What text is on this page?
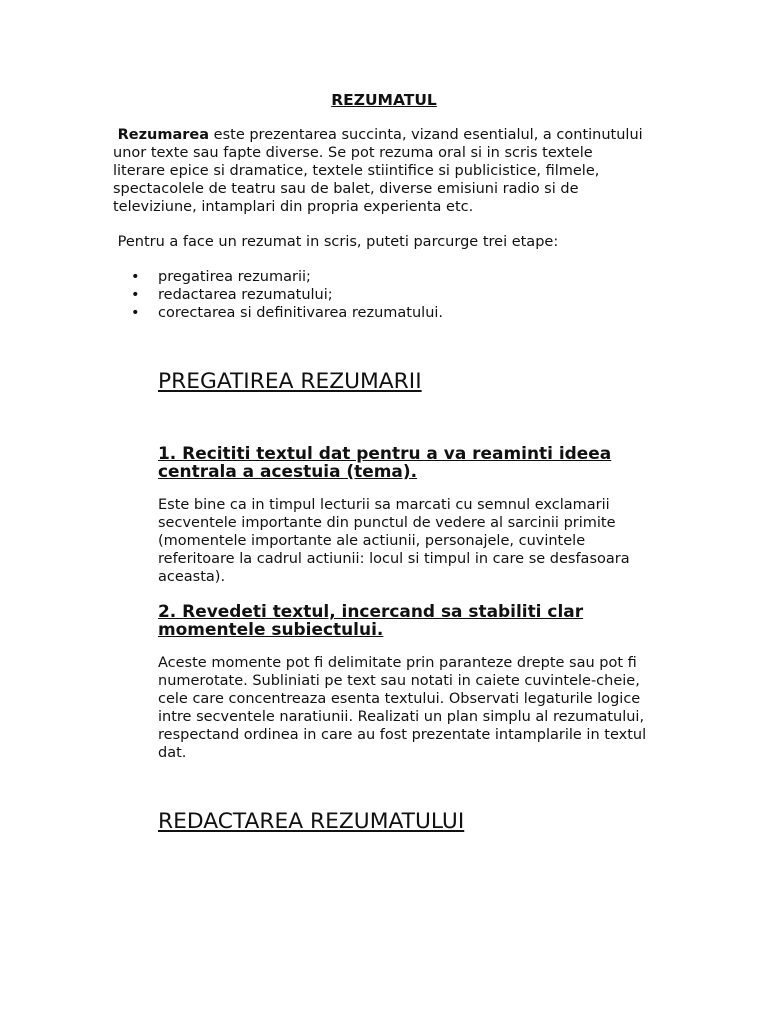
REZUMATUL

Rezumarea este prezentarea succinta, vizand esentialul, a continutului unor texte sau fapte diverse. Se pot rezuma oral si in scris textele literare epice si dramatice, textele stiintifice si publicistice, filmele, spectacolele de teatru sau de balet, diverse emisiuni radio si de televiziune, intamplari din propria experienta etc.

Pentru a face un rezumat in scris, puteti parcurge trei etape:

• pregatirea rezumarii;
• redactarea rezumatului;
• corectarea si definitivarea rezumatului.
PREGATIREA REZUMARII
1. Recititi textul dat pentru a va reaminti ideea centrala a acestuia (tema).

Este bine ca in timpul lecturii sa marcati cu semnul exclamarii secventele importante din punctul de vedere al sarcinii primite (momentele importante ale actiunii, personajele, cuvintele referitoare la cadrul actiunii: locul si timpul in care se desfasoara aceasta).

2. Revedeti textul, incercand sa stabiliti clar momentele subiectului.

Aceste momente pot fi delimitate prin paranteze drepte sau pot fi numerotate. Subliniati pe text sau notati in caiete cuvintele-cheie, cele care concentreaza esenta textului. Observati legaturile logice intre secventele naratiunii. Realizati un plan simplu al rezumatului, respectand ordinea in care au fost prezentate intamplarile in textul dat.

REDACTAREA REZUMATULUI
